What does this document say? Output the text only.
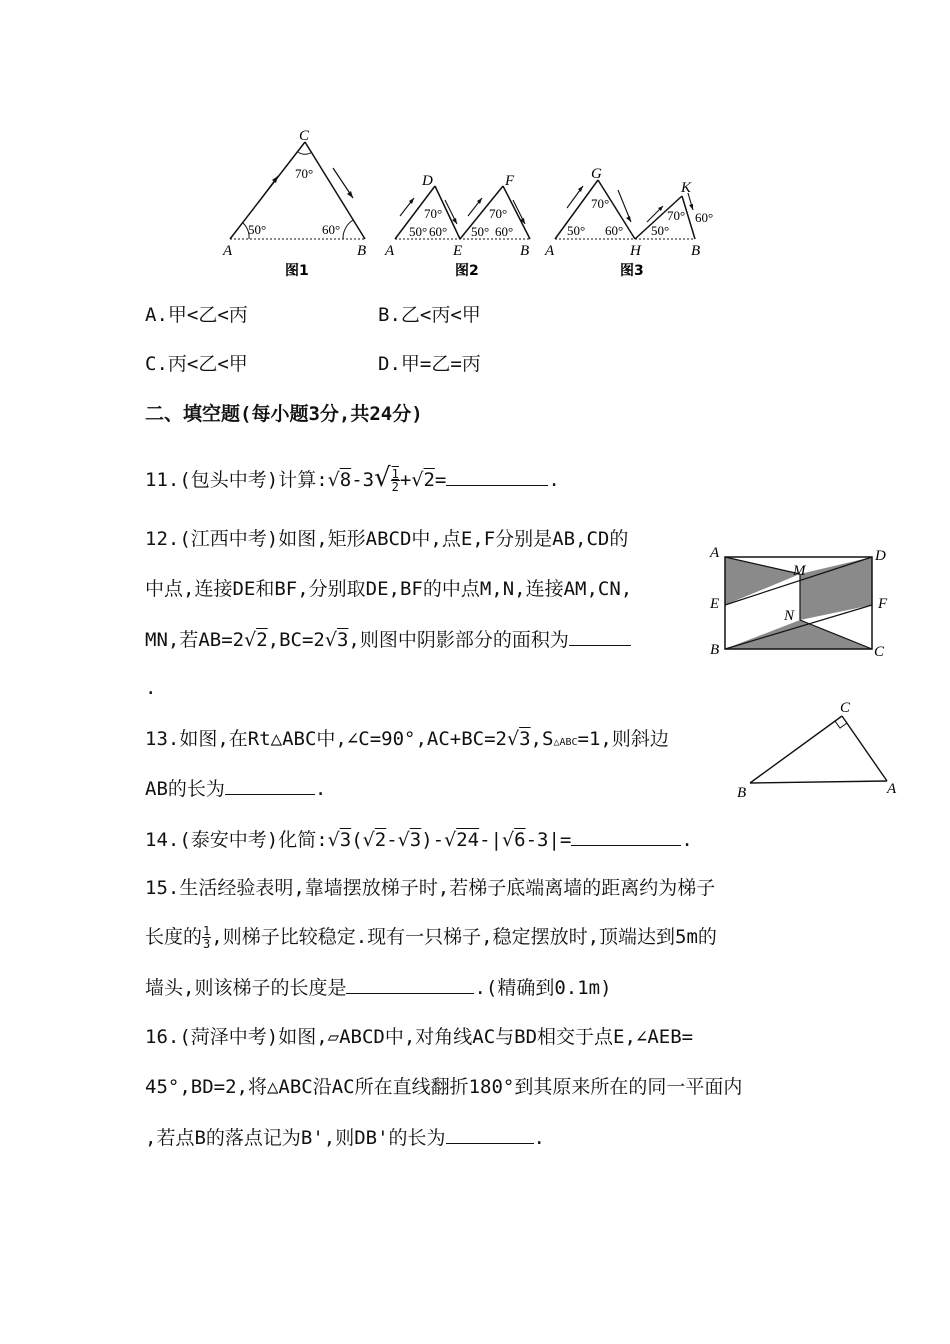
C
A	B
70°
50°	60°
图1
D	F
A	E	B
70°
50° 60°
70°
50° 60°
图2
G
K
A	H	B
70°
50° 60°
70°
50°
60°
图3
A.甲<乙<丙	B.乙<丙<甲
C.丙<乙<甲	D.甲=乙=丙
二、填空题(每小题3分,共24分)
11.(包头中考)计算:√8-3√ $\frac{1}{2} +√2=$	.
12.(江西中考)如图,矩形ABCD中,点E,F分别是AB,CD的
中点,连接DE和BF,分别取DE,BF的中点M,N,连接AM,CN,
MN,若AB=2√2,BC=2√3,则图中阴影部分的面积为
.
A	D
M
E	F
N
B	C
13.如图,在Rt△ABC中,∠C=90°,AC+BC=2√3,S△ABC=1,则斜边
AB的长为	.
C
B	A
14.(泰安中考)化简:√3(√2-√3)-√24-|√6-3|=	.
15.生活经验表明,靠墙摆放梯子时,若梯子底端离墙的距离约为梯子
长度的 $\frac{1}{3}$ ,则梯子比较稳定.现有一只梯子,稳定摆放时,顶端达到5m的
墙头,则该梯子的长度是	.(精确到0.1m)
16.(菏泽中考)如图,▱ABCD中,对角线AC与BD相交于点E,∠AEB=
45°,BD=2,将△ABC沿AC所在直线翻折180°到其原来所在的同一平面内
,若点B的落点记为B',则DB'的长为	.
